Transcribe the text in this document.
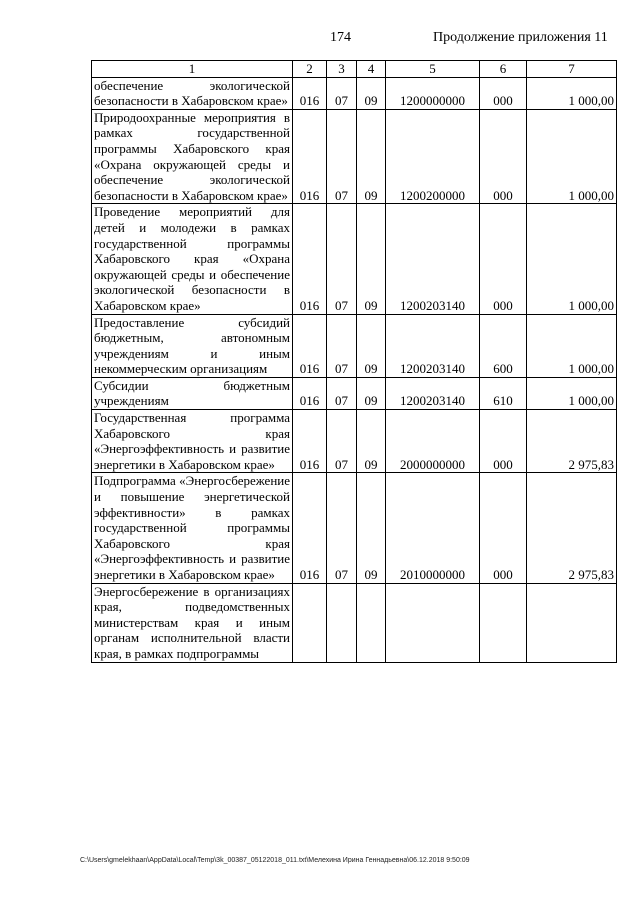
174	Продолжение приложения 11
1	2	3	4	5	6	7
обеспечение экологической безопасности в Хабаровском крае»	016	07	09	1200000000	000	1 000,00
Природоохранные мероприятия в рамках государственной программы Хабаровского края «Охрана окружающей среды и обеспечение экологической безопасности в Хабаровском крае»	016	07	09	1200200000	000	1 000,00
Проведение мероприятий для детей и молодежи в рамках государственной программы Хабаровского края «Охрана окружающей среды и обеспечение экологической безопасности в Хабаровском крае»	016	07	09	1200203140	000	1 000,00
Предоставление субсидий бюджетным, автономным учреждениям и иным некоммерческим организациям	016	07	09	1200203140	600	1 000,00
Субсидии бюджетным учреждениям	016	07	09	1200203140	610	1 000,00
Государственная программа Хабаровского края «Энергоэффективность и развитие энергетики в Хабаровском крае»	016	07	09	2000000000	000	2 975,83
Подпрограмма «Энергосбережение и повышение энергетической эффективности» в рамках государственной программы Хабаровского края «Энергоэффективность и развитие энергетики в Хабаровском крае»	016	07	09	2010000000	000	2 975,83
Энергосбережение в организациях края, подведомственных министерствам края и иным органам исполнительной власти края, в рамках подпрограммы						
C:\Users\gmelekhaan\AppData\Local\Temp\3k_00387_05122018_011.txt\Мелехина Ирина Геннадьевна\06.12.2018 9:50:09
